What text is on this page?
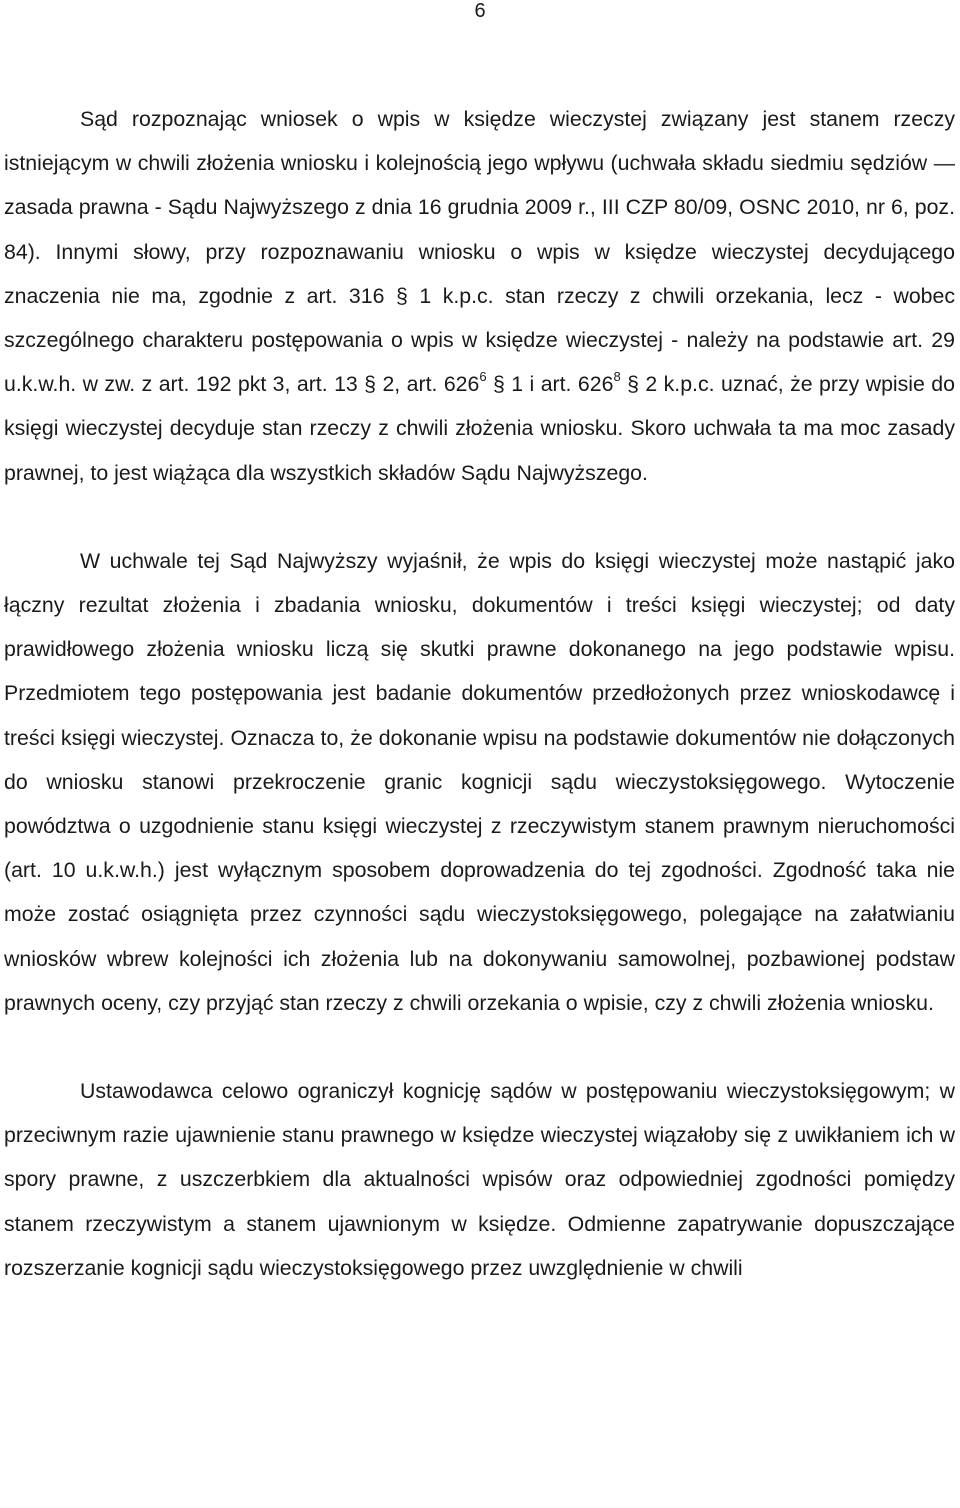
6

Sąd rozpoznając wniosek o wpis w księdze wieczystej związany jest stanem rzeczy istniejącym w chwili złożenia wniosku i kolejnością jego wpływu (uchwała składu siedmiu sędziów — zasada prawna - Sądu Najwyższego z dnia 16 grudnia 2009 r., III CZP 80/09, OSNC 2010, nr 6, poz. 84). Innymi słowy, przy rozpoznawaniu wniosku o wpis w księdze wieczystej decydującego znaczenia nie ma, zgodnie z art. 316 § 1 k.p.c. stan rzeczy z chwili orzekania, lecz - wobec szczególnego charakteru postępowania o wpis w księdze wieczystej - należy na podstawie art. 29 u.k.w.h. w zw. z art. 192 pkt 3, art. 13 § 2, art. $626^6$ § 1 i art. $626^8$ § 2 k.p.c. uznać, że przy wpisie do księgi wieczystej decyduje stan rzeczy z chwili złożenia wniosku. Skoro uchwała ta ma moc zasady prawnej, to jest wiążąca dla wszystkich składów Sądu Najwyższego.

W uchwale tej Sąd Najwyższy wyjaśnił, że wpis do księgi wieczystej może nastąpić jako łączny rezultat złożenia i zbadania wniosku, dokumentów i treści księgi wieczystej; od daty prawidłowego złożenia wniosku liczą się skutki prawne dokonanego na jego podstawie wpisu. Przedmiotem tego postępowania jest badanie dokumentów przedłożonych przez wnioskodawcę i treści księgi wieczystej. Oznacza to, że dokonanie wpisu na podstawie dokumentów nie dołączonych do wniosku stanowi przekroczenie granic kognicji sądu wieczystoksięgowego. Wytoczenie powództwa o uzgodnienie stanu księgi wieczystej z rzeczywistym stanem prawnym nieruchomości (art. 10 u.k.w.h.) jest wyłącznym sposobem doprowadzenia do tej zgodności. Zgodność taka nie może zostać osiągnięta przez czynności sądu wieczystoksięgowego, polegające na załatwianiu wniosków wbrew kolejności ich złożenia lub na dokonywaniu samowolnej, pozbawionej podstaw prawnych oceny, czy przyjąć stan rzeczy z chwili orzekania o wpisie, czy z chwili złożenia wniosku.

Ustawodawca celowo ograniczył kognicję sądów w postępowaniu wieczystoksięgowym; w przeciwnym razie ujawnienie stanu prawnego w księdze wieczystej wiązałoby się z uwikłaniem ich w spory prawne, z uszczerbkiem dla aktualności wpisów oraz odpowiedniej zgodności pomiędzy stanem rzeczywistym a stanem ujawnionym w księdze. Odmienne zapatrywanie dopuszczające rozszerzanie kognicji sądu wieczystoksięgowego przez uwzględnienie w chwili
